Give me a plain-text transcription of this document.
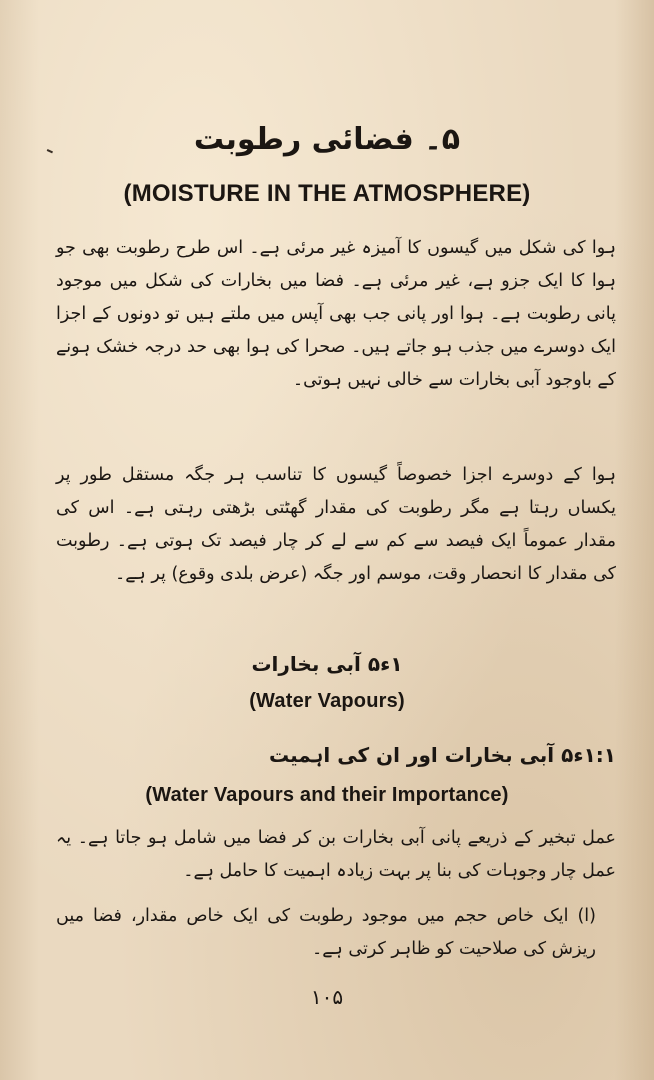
۵۔ فضائی رطوبت
(MOISTURE IN THE ATMOSPHERE)

ہوا کی شکل میں گیسوں کا آمیزہ غیر مرئی ہے۔ اس طرح رطوبت بھی جو ہوا کا ایک جزو ہے، غیر مرئی ہے۔ فضا میں بخارات کی شکل میں موجود پانی رطوبت ہے۔ ہوا اور پانی جب بھی آپس میں ملتے ہیں تو دونوں کے اجزا ایک دوسرے میں جذب ہو جاتے ہیں۔ صحرا کی ہوا بھی حد درجہ خشک ہونے کے باوجود آبی بخارات سے خالی نہیں ہوتی۔

ہوا کے دوسرے اجزا خصوصاً گیسوں کا تناسب ہر جگہ مستقل طور پر یکساں رہتا ہے مگر رطوبت کی مقدار گھٹتی بڑھتی رہتی ہے۔ اس کی مقدار عموماً ایک فیصد سے کم سے لے کر چار فیصد تک ہوتی ہے۔ رطوبت کی مقدار کا انحصار وقت، موسم اور جگہ (عرض بلدی وقوع) پر ہے۔

۱ء۵ آبی بخارات
(Water Vapours)
۱:۱ء۵ آبی بخارات اور ان کی اہمیت
(Water Vapours and their Importance)

عمل تبخیر کے ذریعے پانی آبی بخارات بن کر فضا میں شامل ہو جاتا ہے۔ یہ عمل چار وجوہات کی بنا پر بہت زیادہ اہمیت کا حامل ہے۔

(ا) ایک خاص حجم میں موجود رطوبت کی ایک خاص مقدار، فضا میں ریزش کی صلاحیت کو ظاہر کرتی ہے۔

۱۰۵
